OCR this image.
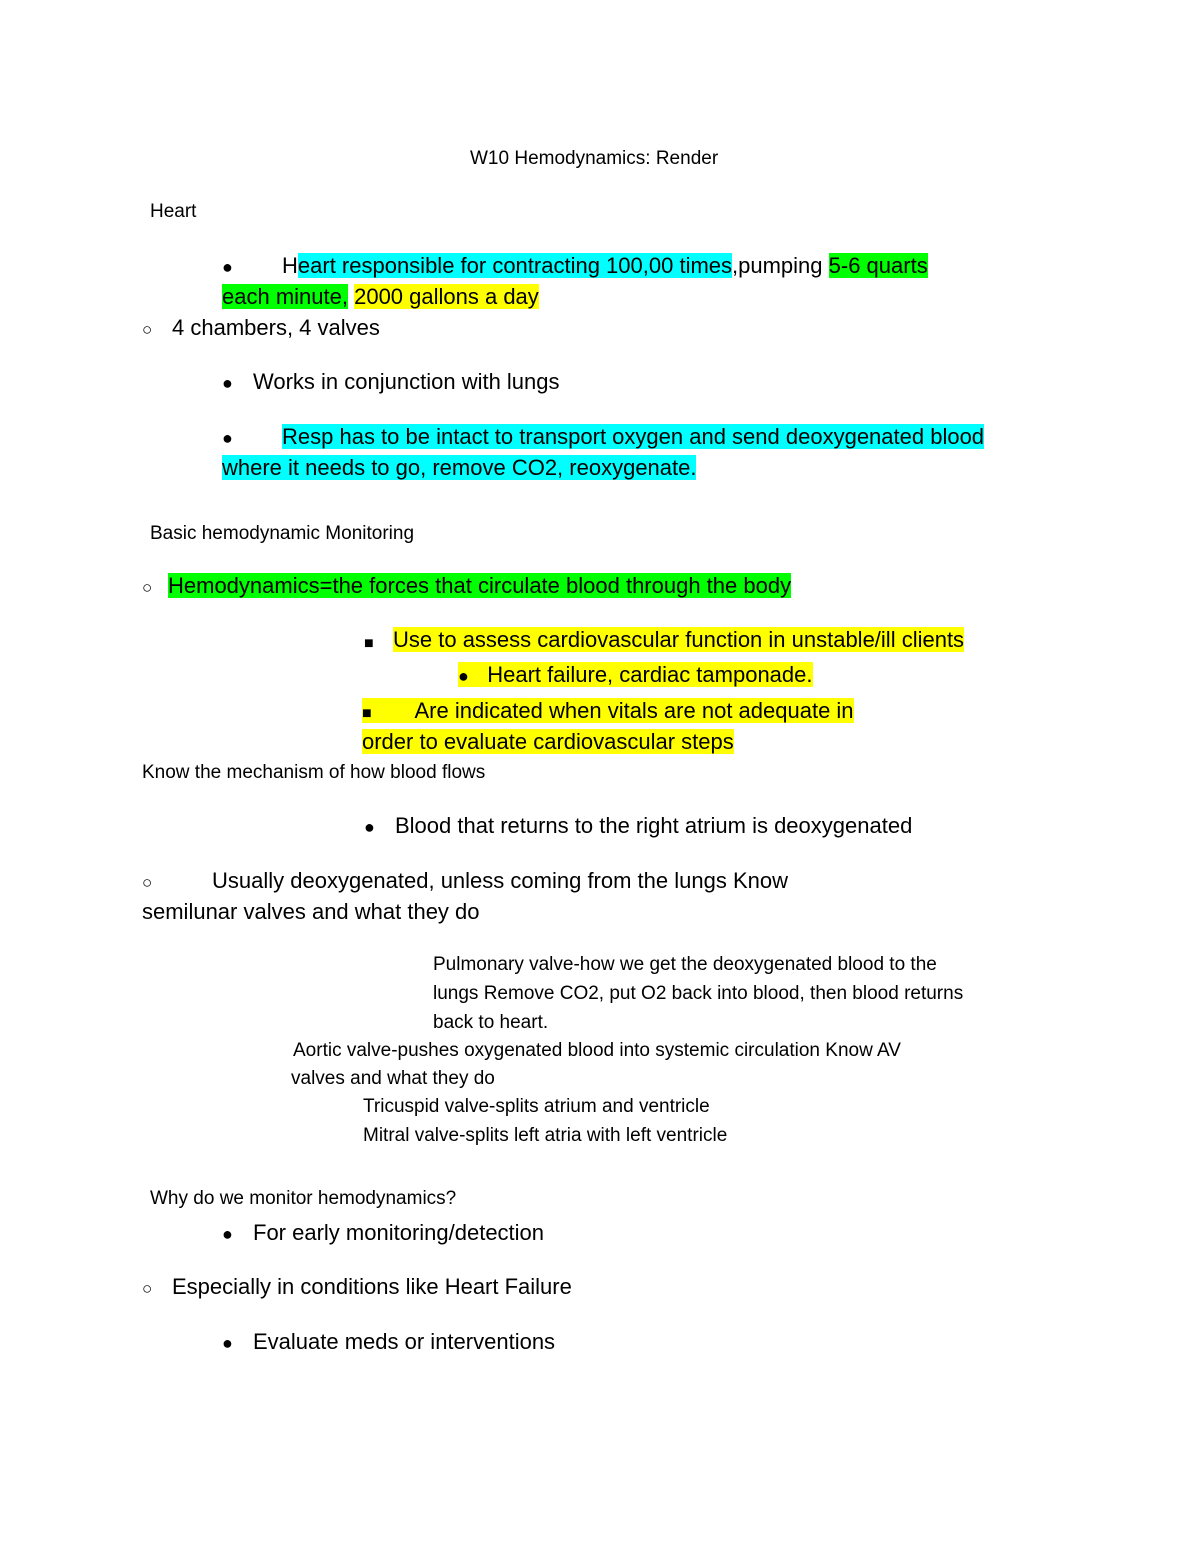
W10 Hemodynamics: Render
Heart
●
Heart responsible for contracting 100,00 times,pumping 5-6 quarts
each minute, 2000 gallons a day
○
4 chambers, 4 valves
●
Works in conjunction with lungs
●
Resp has to be intact to transport oxygen and send deoxygenated blood
where it needs to go, remove CO2, reoxygenate.
Basic hemodynamic Monitoring
○
Hemodynamics=the forces that circulate blood through the body
■
Use to assess cardiovascular function in unstable/ill clients
●    Heart failure, cardiac tamponade.
■        Are indicated when vitals are not adequate in
order to evaluate cardiovascular steps
Know the mechanism of how blood flows
●
Blood that returns to the right atrium is deoxygenated
○
Usually deoxygenated, unless coming from the lungs Know
semilunar valves and what they do
Pulmonary valve-how we get the deoxygenated blood to the
lungs Remove CO2, put O2 back into blood, then blood returns
back to heart.
Aortic valve-pushes oxygenated blood into systemic circulation Know AV
valves and what they do
Tricuspid valve-splits atrium and ventricle
Mitral valve-splits left atria with left ventricle
Why do we monitor hemodynamics?
●
For early monitoring/detection
○
Especially in conditions like Heart Failure
●
Evaluate meds or interventions
